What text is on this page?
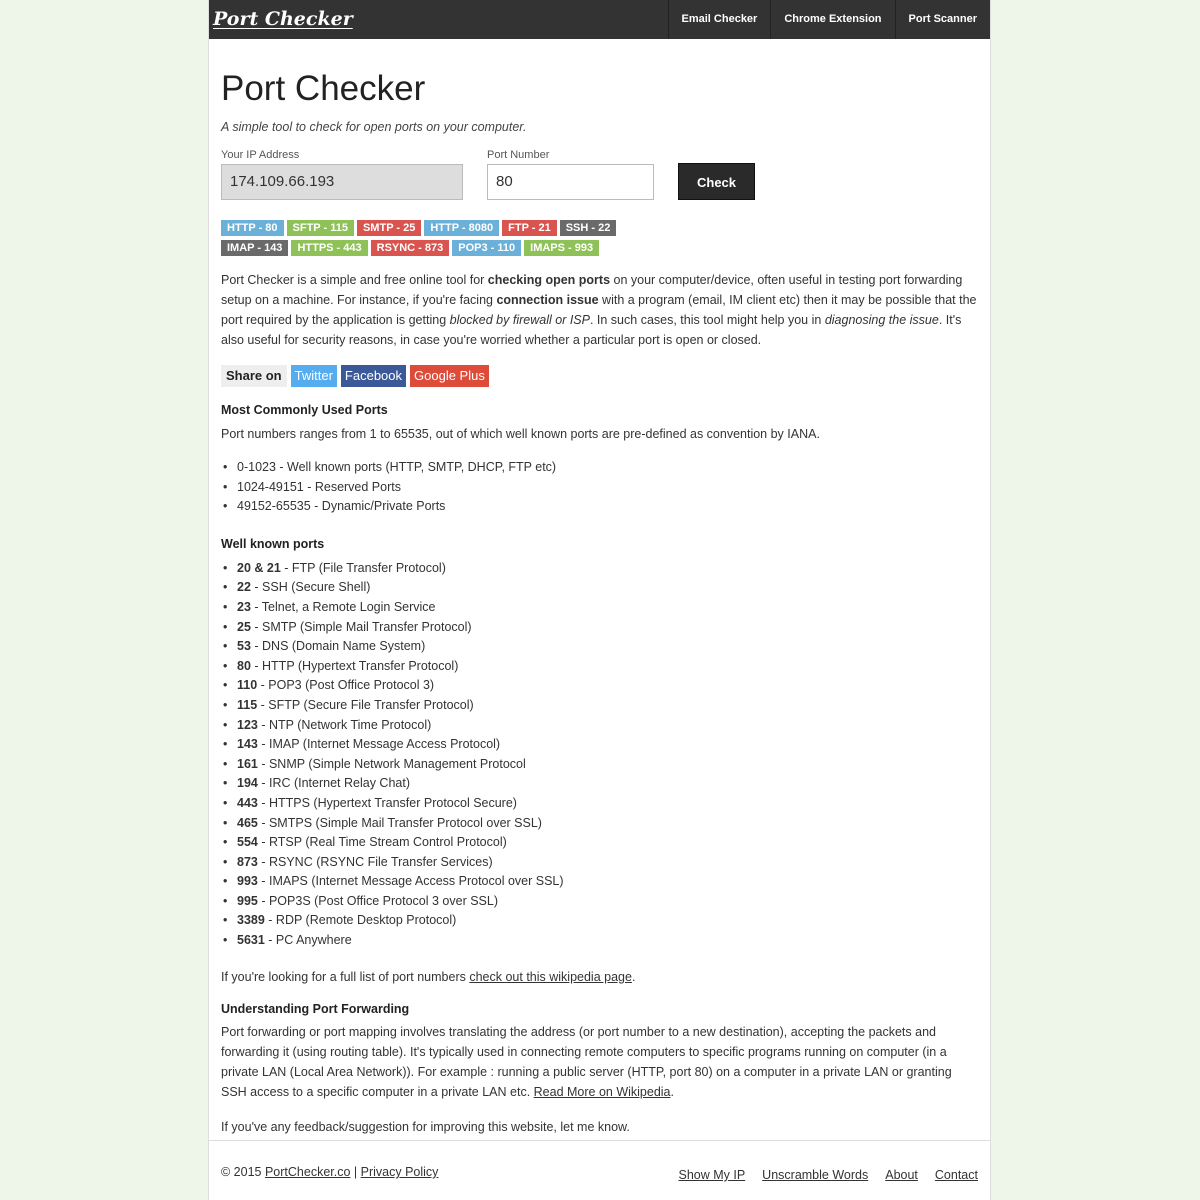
Port Checker	Email Checker	Chrome Extension	Port Scanner
Port Checker
A simple tool to check for open ports on your computer.
Your IP Address
174.109.66.193
Port Number
80	Check
HTTP - 80	SFTP - 115	SMTP - 25	HTTP - 8080	FTP - 21	SSH - 22
IMAP - 143	HTTPS - 443	RSYNC - 873	POP3 - 110	IMAPS - 993

Port Checker is a simple and free online tool for checking open ports on your computer/device, often useful in testing port forwarding setup on a machine. For instance, if you're facing connection issue with a program (email, IM client etc) then it may be possible that the port required by the application is getting blocked by firewall or ISP. In such cases, this tool might help you in diagnosing the issue. It's also useful for security reasons, in case you're worried whether a particular port is open or closed.

Share on	Twitter Facebook Google Plus
Most Commonly Used Ports

Port numbers ranges from 1 to 65535, out of which well known ports are pre-defined as convention by IANA.

• 0-1023 - Well known ports (HTTP, SMTP, DHCP, FTP etc)
• 1024-49151 - Reserved Ports
• 49152-65535 - Dynamic/Private Ports
Well known ports
• 20 & 21 - FTP (File Transfer Protocol)
• 22 - SSH (Secure Shell)
• 23 - Telnet, a Remote Login Service
• 25 - SMTP (Simple Mail Transfer Protocol)
• 53 - DNS (Domain Name System)
• 80 - HTTP (Hypertext Transfer Protocol)
• 110 - POP3 (Post Office Protocol 3)
• 115 - SFTP (Secure File Transfer Protocol)
• 123 - NTP (Network Time Protocol)
• 143 - IMAP (Internet Message Access Protocol)
• 161 - SNMP (Simple Network Management Protocol
• 194 - IRC (Internet Relay Chat)
• 443 - HTTPS (Hypertext Transfer Protocol Secure)
• 465 - SMTPS (Simple Mail Transfer Protocol over SSL)
• 554 - RTSP (Real Time Stream Control Protocol)
• 873 - RSYNC (RSYNC File Transfer Services)
• 993 - IMAPS (Internet Message Access Protocol over SSL)
• 995 - POP3S (Post Office Protocol 3 over SSL)
• 3389 - RDP (Remote Desktop Protocol)
• 5631 - PC Anywhere

If you're looking for a full list of port numbers check out this wikipedia page.

Understanding Port Forwarding

Port forwarding or port mapping involves translating the address (or port number to a new destination), accepting the packets and forwarding it (using routing table). It's typically used in connecting remote computers to specific programs running on computer (in a private LAN (Local Area Network)). For example : running a public server (HTTP, port 80) on a computer in a private LAN or granting SSH access to a specific computer in a private LAN etc. Read More on Wikipedia.

If you've any feedback/suggestion for improving this website, let me know.

© 2015 PortChecker.co | Privacy Policy	Show My IP Unscramble Words About Contact
